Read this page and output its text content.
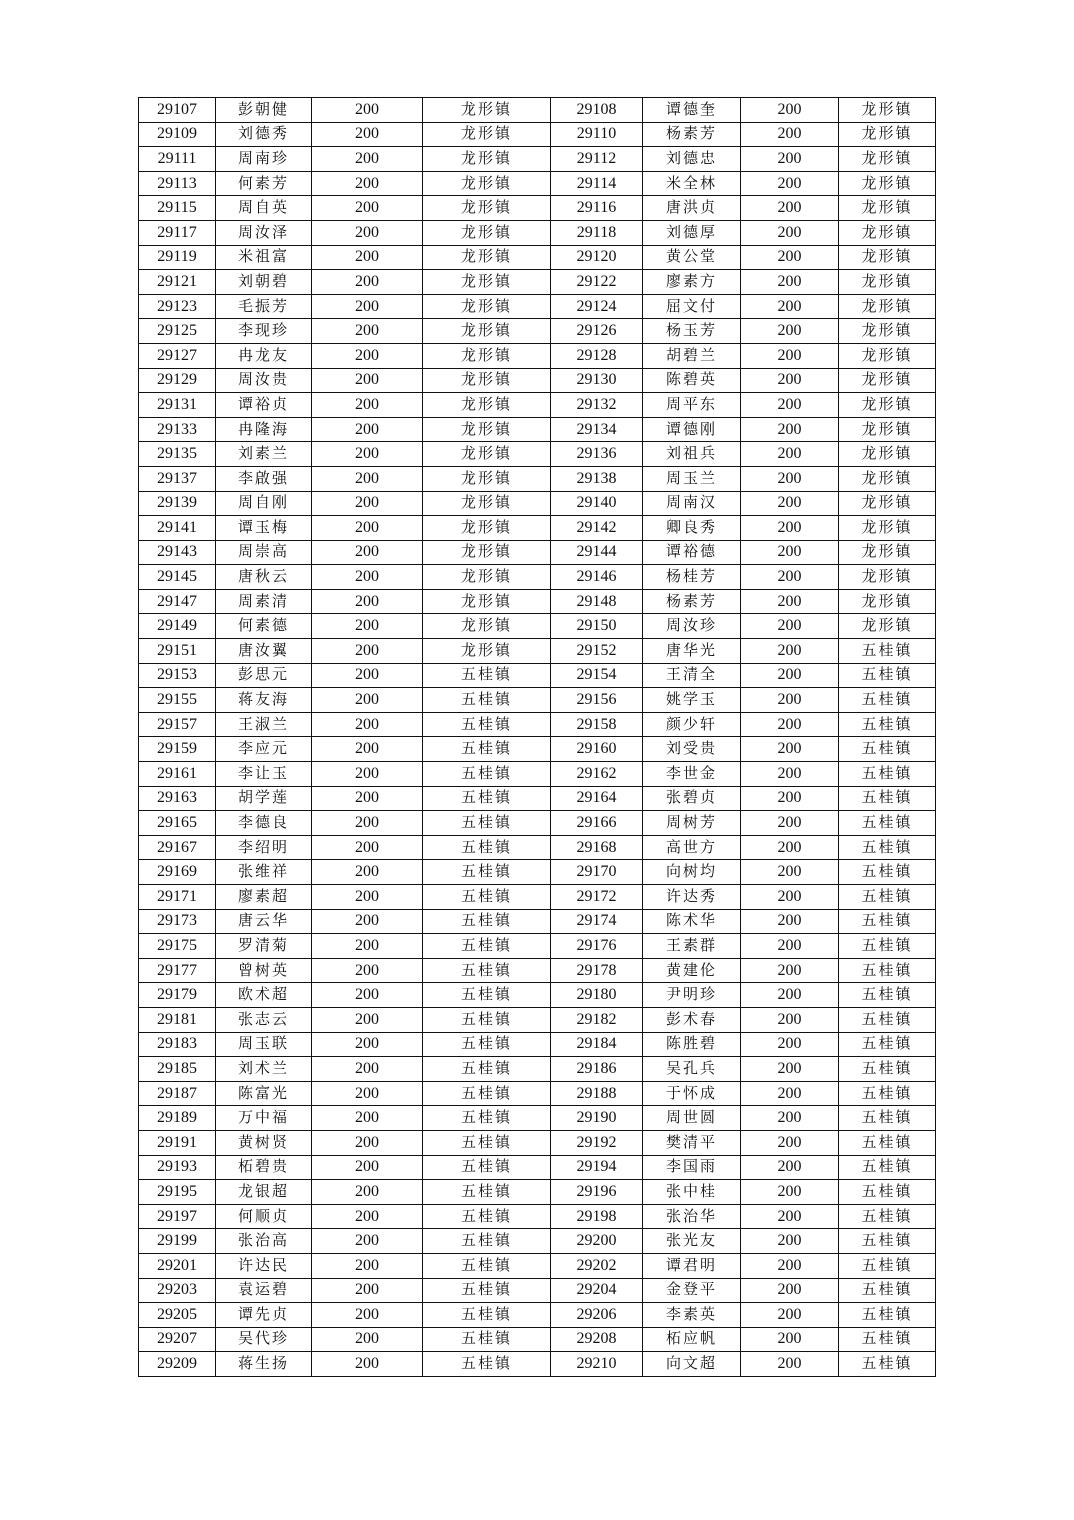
29107	彭朝健	200	龙形镇	29108	谭德奎	200	龙形镇
29109	刘德秀	200	龙形镇	29110	杨素芳	200	龙形镇
29111	周南珍	200	龙形镇	29112	刘德忠	200	龙形镇
29113	何素芳	200	龙形镇	29114	米全林	200	龙形镇
29115	周自英	200	龙形镇	29116	唐洪贞	200	龙形镇
29117	周汝泽	200	龙形镇	29118	刘德厚	200	龙形镇
29119	米祖富	200	龙形镇	29120	黄公堂	200	龙形镇
29121	刘朝碧	200	龙形镇	29122	廖素方	200	龙形镇
29123	毛振芳	200	龙形镇	29124	屈文付	200	龙形镇
29125	李现珍	200	龙形镇	29126	杨玉芳	200	龙形镇
29127	冉龙友	200	龙形镇	29128	胡碧兰	200	龙形镇
29129	周汝贵	200	龙形镇	29130	陈碧英	200	龙形镇
29131	谭裕贞	200	龙形镇	29132	周平东	200	龙形镇
29133	冉隆海	200	龙形镇	29134	谭德刚	200	龙形镇
29135	刘素兰	200	龙形镇	29136	刘祖兵	200	龙形镇
29137	李啟强	200	龙形镇	29138	周玉兰	200	龙形镇
29139	周自刚	200	龙形镇	29140	周南汉	200	龙形镇
29141	谭玉梅	200	龙形镇	29142	卿良秀	200	龙形镇
29143	周崇高	200	龙形镇	29144	谭裕德	200	龙形镇
29145	唐秋云	200	龙形镇	29146	杨桂芳	200	龙形镇
29147	周素清	200	龙形镇	29148	杨素芳	200	龙形镇
29149	何素德	200	龙形镇	29150	周汝珍	200	龙形镇
29151	唐汝翼	200	龙形镇	29152	唐华光	200	五桂镇
29153	彭思元	200	五桂镇	29154	王清全	200	五桂镇
29155	蒋友海	200	五桂镇	29156	姚学玉	200	五桂镇
29157	王淑兰	200	五桂镇	29158	颜少轩	200	五桂镇
29159	李应元	200	五桂镇	29160	刘受贵	200	五桂镇
29161	李让玉	200	五桂镇	29162	李世金	200	五桂镇
29163	胡学莲	200	五桂镇	29164	张碧贞	200	五桂镇
29165	李德良	200	五桂镇	29166	周树芳	200	五桂镇
29167	李绍明	200	五桂镇	29168	高世方	200	五桂镇
29169	张维祥	200	五桂镇	29170	向树均	200	五桂镇
29171	廖素超	200	五桂镇	29172	许达秀	200	五桂镇
29173	唐云华	200	五桂镇	29174	陈术华	200	五桂镇
29175	罗清菊	200	五桂镇	29176	王素群	200	五桂镇
29177	曾树英	200	五桂镇	29178	黄建伦	200	五桂镇
29179	欧术超	200	五桂镇	29180	尹明珍	200	五桂镇
29181	张志云	200	五桂镇	29182	彭术春	200	五桂镇
29183	周玉联	200	五桂镇	29184	陈胜碧	200	五桂镇
29185	刘术兰	200	五桂镇	29186	吴孔兵	200	五桂镇
29187	陈富光	200	五桂镇	29188	于怀成	200	五桂镇
29189	万中福	200	五桂镇	29190	周世圆	200	五桂镇
29191	黄树贤	200	五桂镇	29192	樊清平	200	五桂镇
29193	柘碧贵	200	五桂镇	29194	李国雨	200	五桂镇
29195	龙银超	200	五桂镇	29196	张中桂	200	五桂镇
29197	何顺贞	200	五桂镇	29198	张治华	200	五桂镇
29199	张治高	200	五桂镇	29200	张光友	200	五桂镇
29201	许达民	200	五桂镇	29202	谭君明	200	五桂镇
29203	袁运碧	200	五桂镇	29204	金登平	200	五桂镇
29205	谭先贞	200	五桂镇	29206	李素英	200	五桂镇
29207	吴代珍	200	五桂镇	29208	柘应帆	200	五桂镇
29209	蒋生扬	200	五桂镇	29210	向文超	200	五桂镇
